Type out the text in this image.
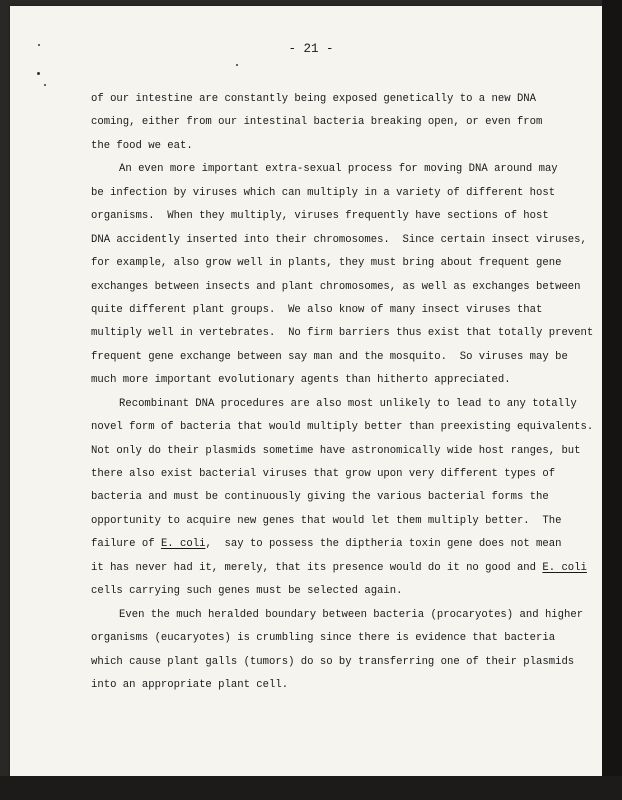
- 21 -
of our intestine are constantly being exposed genetically to a new DNA
coming, either from our intestinal bacteria breaking open, or even from
the food we eat.
An even more important extra-sexual process for moving DNA around may
be infection by viruses which can multiply in a variety of different host
organisms.  When they multiply, viruses frequently have sections of host
DNA accidently inserted into their chromosomes.  Since certain insect viruses,
for example, also grow well in plants, they must bring about frequent gene
exchanges between insects and plant chromosomes, as well as exchanges between
quite different plant groups.  We also know of many insect viruses that
multiply well in vertebrates.  No firm barriers thus exist that totally prevent
frequent gene exchange between say man and the mosquito.  So viruses may be
much more important evolutionary agents than hitherto appreciated.
Recombinant DNA procedures are also most unlikely to lead to any totally
novel form of bacteria that would multiply better than preexisting equivalents.
Not only do their plasmids sometime have astronomically wide host ranges, but
there also exist bacterial viruses that grow upon very different types of
bacteria and must be continuously giving the various bacterial forms the
opportunity to acquire new genes that would let them multiply better.  The
failure of E. coli,  say to possess the diptheria toxin gene does not mean
it has never had it, merely, that its presence would do it no good and E. coli
cells carrying such genes must be selected again.
Even the much heralded boundary between bacteria (procaryotes) and higher
organisms (eucaryotes) is crumbling since there is evidence that bacteria
which cause plant galls (tumors) do so by transferring one of their plasmids
into an appropriate plant cell.
